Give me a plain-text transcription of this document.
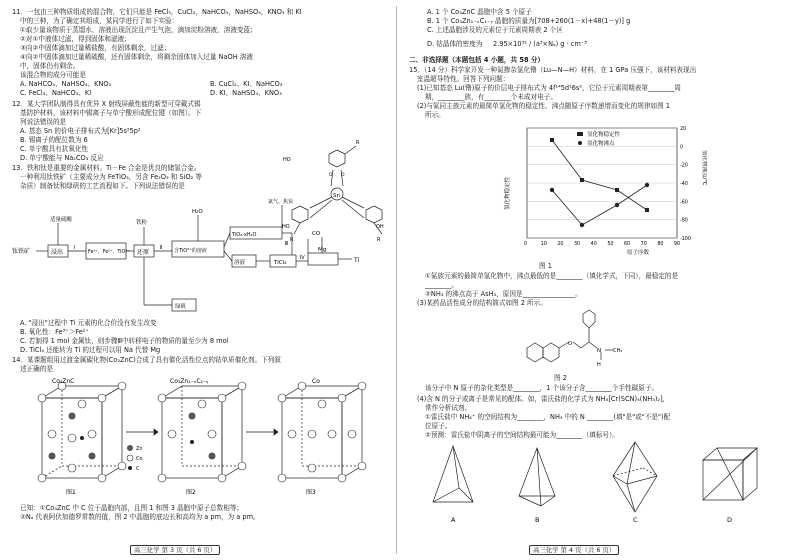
11．一包由三种物质组成的混合物，它们只能是 FeCl₃，CuCl₂，NaHCO₃，NaHSO₄，KNO₃ 和 KI
中的三种，为了确定其组成，某同学进行了如下实验：
①取少量该物质于蒸馏水，溶液出现沉淀且产生气泡，滴加淀粉溶液，溶液变蓝；
②对①中液体过滤，得到固体和滤液；
③向②中固体滴加过量稀盐酸，有固体剩余，过滤；
④向②中固体滴加过量稀硫酸，还有固体剩余，将剩余固体加入过量 NaOH 溶液
中，固体仍有剩余。
该混合物的成分可能是
A. NaHCO₃、NaHSO₄、KNO₃	B. CuCl₂、KI、NaHCO₃
C. FeCl₃、NaHCO₃、KI	D. KI、NaHSO₄、KNO₃
12．某大学团队制得具有优异 X 射线屏蔽性能的新型可穿戴式锡
基防护材料，该材料中锡离子与单宁酸形成配位键（如图）。下
列说法错误的是
A. 基态 Sn 的价电子排布式为[Kr]5s²5p²
B. 锡离子的配位数为 6
C. 单宁酸具有抗氧化性
D. 单宁酸能与 Na₂CO₃ 反应
Sn
HO
R
HO
R	R
OH
O O
13．铁和钛是重要的金属材料。Ti－Fe 合金是优良的储氢合金。
一种利用钛铁矿（主要成分为 FeTiO₃，另含 Fe₂O₃ 和 SiO₂ 等
杂质）制备钛和绿矾的工艺流程如下。下列说法错误的是
钛铁矿	浸出
适量硫酸
Fe³⁺、Fe²⁺、TiO²⁺
铁粉
还原	含TiO²⁺的溶液
H₂O
TiO₂·xH₂O
氯气、焦炭
溶液	TiCl₄
CO
Mg
Ti
绿矾
Ⅰ	Ⅱ
Ⅲ
Ⅳ
A. "浸出"过程中 Ti 元素的化合价没有发生改变
B. 氧化性：Fe³⁺＞Fe²⁺
C. 若制得 1 mol 金属钛，则步骤Ⅲ中转移电子的物质的量至少为 8 mol
D. TiCl₄ 还能转为 Ti 的过程可以用 Na 代替 Mg
14．某课题组用过渡金属碳化物(Co₃ZnC)合成了具有催化活性位点的钴单质催化剂。下列叙
述正确的是
Co₃ZnC	Co₃Zn₁₋ₓC₁₋ᵧ	Co
Zn
Co
C
图1	图2	图3
已知：①Co₃ZnC 中 C 位于晶胞内部，且图 1 和图 3 晶胞中原子总数相等；
②Nₐ 代表阿伏加德罗常数的值，图 2 中晶胞的底边长和高均为 a pm，为 a pm。
高三化学 第 3 页（共 6 页）
A. 1 个 Co₃ZnC 晶胞中含 5 个原子
B. 1 个 Co₃Zn₁₋ₓC₁₋ᵧ 晶胞的质量为[708+260(1－x)+48(1－y)] g
C. 上述晶胞涉及的元素位于元素周期表 2 个区
D. 钴晶体的密度为 2.95×10³² / (a³×Nₐ) g · cm⁻³
二、非选择题（本题包括 4 小题，共 58 分）
15．（14 分）科学家开发一种氮掺杂氢化镥（Lu—N—H）材料，在 1 GPa 压强下，该材料表现出
室温超导特性。回答下列问题：
(1)已知基态 Lu(镥)原子的价层电子排布式为 4f¹⁴5d¹6s²，它位于元素周期表第________周
期，________族，有________个未成对电子。
(2)与氮同主族元素的最简单氢化物的稳定性、沸点随原子序数递增而变化的规律如图 1
所示。
0	10 20 30 40 50 60 70 80 90
20
0
-20
-40
-60
-80
-100
氢化物稳定性
氢化物沸点
氢化物稳定性
氢化物沸点/℃
原子序数
图 1
①氮族元素的最简单氢化物中，沸点最低的是________（填化学式，下同），最稳定的是
________。
②NH₃ 的沸点高于 AsH₃，原因是________________。
(3)某药品活性成分的结构简式如图 2 所示。
O
N CH₃
H
图 2
该分子中 N 原子的杂化类型是________，1 个该分子含________个手性碳原子。
(4)含 N 的分子或离子是常见的配体。如，雷氏盐的化学式为 NH₄[Cr(SCN)₄(NH₃)₂]，
常作分析试剂。
①雷氏盐中 NH₄⁺ 的空间结构为________，NH₃ 中的 N ________(填"是"或"不是")配
位原子。
②预测：雷氏盐中阴离子的空间结构最可能为________（填标号）。
A	B	C	D
高三化学 第 4 页（共 6 页）
